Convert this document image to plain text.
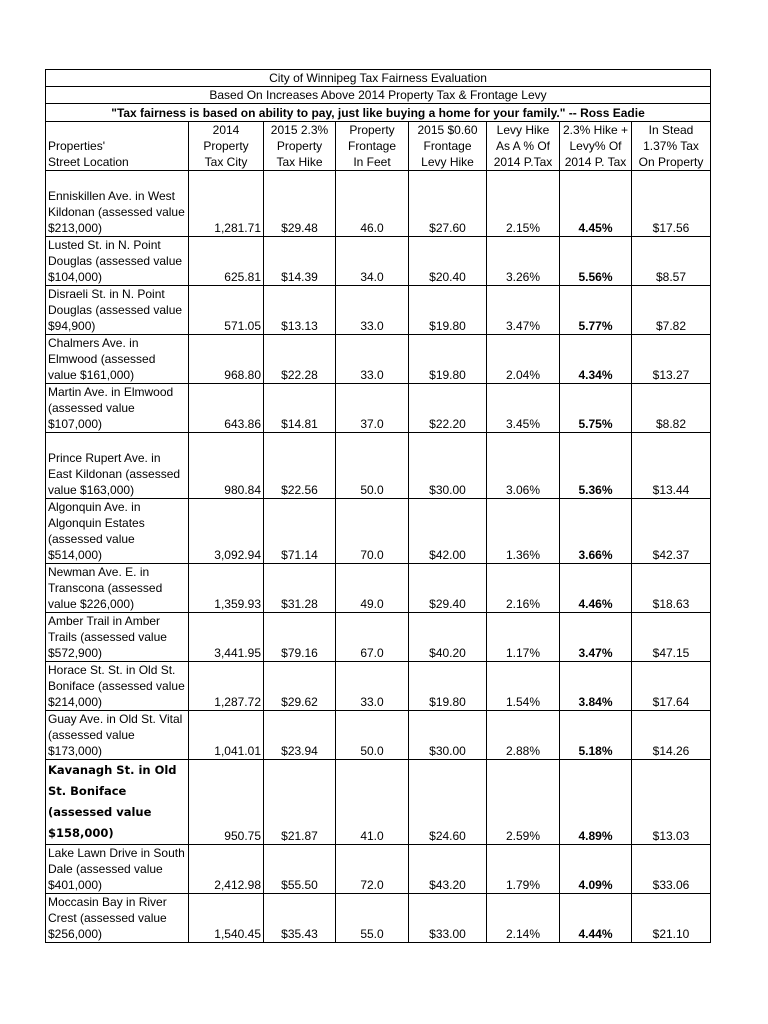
City of Winnipeg Tax Fairness Evaluation							
Based On Increases Above 2014 Property Tax & Frontage Levy							
"Tax fairness is based on ability to pay, just like buying a home for your family." -- Ross Eadie							
	2014	2015 2.3%	Property	2015 $0.60	Levy Hike	2.3% Hike +	In Stead
Properties'	Property	Property	Frontage	Frontage	As A % Of	Levy% Of	1.37% Tax
Street Location	Tax City	Tax Hike	In Feet	Levy Hike	2014 P.Tax	2014 P. Tax	On Property
Enniskillen Ave. in West Kildonan (assessed value $213,000)	1,281.71	$29.48	46.0	$27.60	2.15%	4.45%	$17.56
Lusted St. in N. Point Douglas (assessed value $104,000)	625.81	$14.39	34.0	$20.40	3.26%	5.56%	$8.57
Disraeli St. in N. Point Douglas (assessed value $94,900)	571.05	$13.13	33.0	$19.80	3.47%	5.77%	$7.82
Chalmers Ave. in Elmwood (assessed value $161,000)	968.80	$22.28	33.0	$19.80	2.04%	4.34%	$13.27
Martin Ave. in Elmwood (assessed value $107,000)	643.86	$14.81	37.0	$22.20	3.45%	5.75%	$8.82
Prince Rupert Ave. in East Kildonan (assessed value $163,000)	980.84	$22.56	50.0	$30.00	3.06%	5.36%	$13.44
Algonquin Ave. in Algonquin Estates (assessed value $514,000)	3,092.94	$71.14	70.0	$42.00	1.36%	3.66%	$42.37
Newman Ave. E. in Transcona (assessed value $226,000)	1,359.93	$31.28	49.0	$29.40	2.16%	4.46%	$18.63
Amber Trail in Amber Trails (assessed value $572,900)	3,441.95	$79.16	67.0	$40.20	1.17%	3.47%	$47.15
Horace St. St. in Old St. Boniface (assessed value $214,000)	1,287.72	$29.62	33.0	$19.80	1.54%	3.84%	$17.64
Guay Ave. in Old St. Vital (assessed value $173,000)	1,041.01	$23.94	50.0	$30.00	2.88%	5.18%	$14.26
Kavanagh St. in Old St. Boniface (assessed value $158,000)	950.75	$21.87	41.0	$24.60	2.59%	4.89%	$13.03
Lake Lawn Drive in South Dale (assessed value $401,000)	2,412.98	$55.50	72.0	$43.20	1.79%	4.09%	$33.06
Moccasin Bay in River Crest (assessed value $256,000)	1,540.45	$35.43	55.0	$33.00	2.14%	4.44%	$21.10
